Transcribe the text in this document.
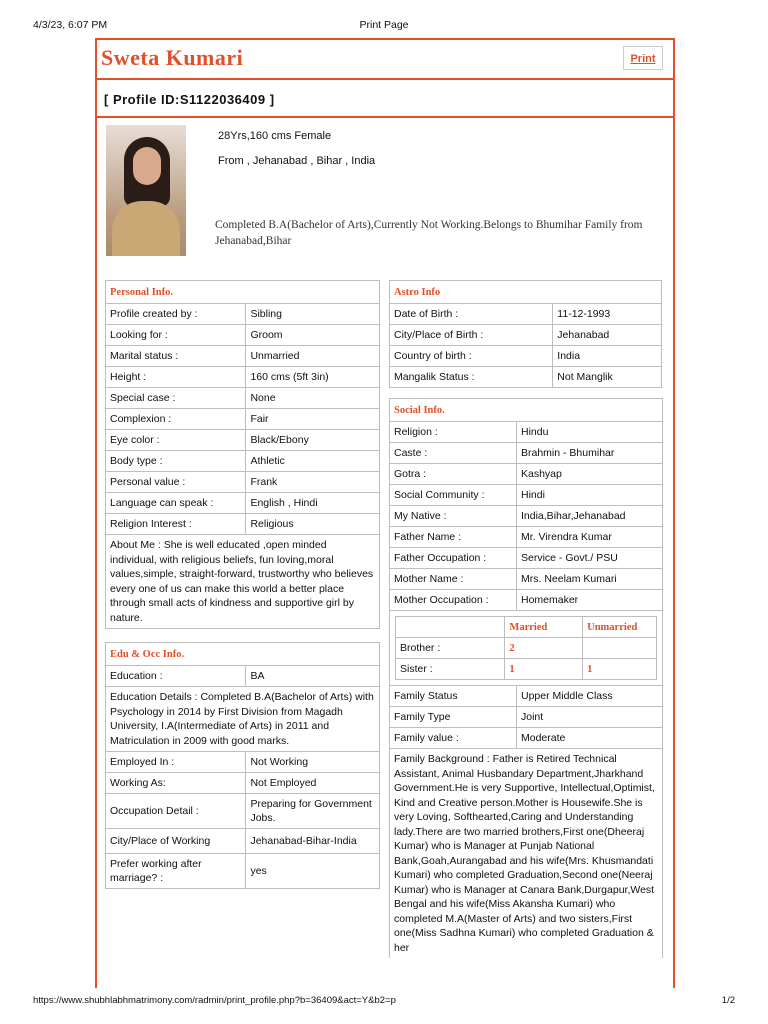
4/3/23, 6:07 PM	Print Page
Sweta Kumari	Print
[ Profile ID:S1122036409 ]
28Yrs,160 cms Female
From , Jehanabad , Bihar , India
Completed B.A(Bachelor of Arts),Currently Not Working.Belongs to Bhumihar Family from Jehanabad,Bihar
Personal Info.	
Profile created by :	Sibling
Looking for :	Groom
Marital status :	Unmarried
Height :	160 cms (5ft 3in)
Special case :	None
Complexion :	Fair
Eye color :	Black/Ebony
Body type :	Athletic
Personal value :	Frank
Language can speak :	English , Hindi
Religion Interest :	Religious
About Me : She is well educated ,open minded individual, with religious beliefs, fun loving,moral values,simple, straight-forward, trustworthy who believes every one of us can make this world a better place through small acts of kindness and supportive girl by nature.	
Edu & Occ Info.	
Education :	BA
Education Details : Completed B.A(Bachelor of Arts) with Psychology in 2014 by First Division from Magadh University, I.A(Intermediate of Arts) in 2011 and Matriculation in 2009 with good marks.	
Employed In :	Not Working
Working As:	Not Employed
Occupation Detail :	Preparing for Government Jobs.
City/Place of Working	Jehanabad-Bihar-India
Prefer working after marriage? :	yes
Astro Info	
Date of Birth :	11-12-1993
City/Place of Birth :	Jehanabad
Country of birth :	India
Mangalik Status :	Not Manglik
Social Info.
Religion :	Hindu
Caste :	Brahmin - Bhumihar
Gotra :	Kashyap
Social Community :	Hindi
My Native :	India,Bihar,Jehanabad
Father Name :	Mr. Virendra Kumar
Father Occupation :	Service - Govt./ PSU
Mother Name :	Mrs. Neelam Kumari
Mother Occupation :	Homemaker

	Married	Unmarried
Brother :	2	
Sister :	1	1

Family Status	Upper Middle Class
Family Type	Joint
Family value :	Moderate
Family Background : Father is Retired Technical Assistant, Animal Husbandary Department,Jharkhand Government.He is very Supportive, Intellectual,Optimist, Kind and Creative person.Mother is Housewife.She is very Loving, Softhearted,Caring and Understanding lady.There are two married brothers,First one(Dheeraj Kumar) who is Manager at Punjab National Bank,Goah,Aurangabad and his wife(Mrs. Khusmandati Kumari) who completed Graduation,Second one(Neeraj Kumar) who is Manager at Canara Bank,Durgapur,West Bengal and his wife(Miss Akansha Kumari) who completed M.A(Master of Arts) and two sisters,First one(Miss Sadhna Kumari) who completed Graduation & her
https://www.shubhlabhmatrimony.com/radmin/print_profile.php?b=36409&act=Y&b2=p	1/2
